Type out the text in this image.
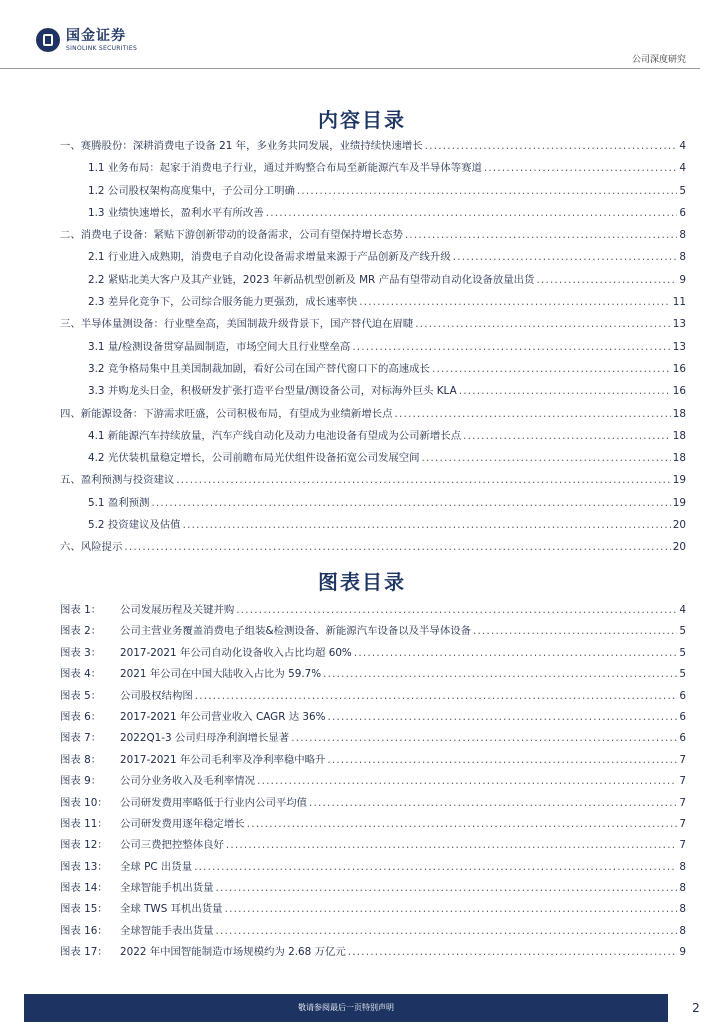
国金证券
SINOLINK SECURITIES
公司深度研究
内容目录
一、赛腾股份：深耕消费电子设备 21 年，多业务共同发展，业绩持续快速增长 .....	4
1.1 业务布局：起家于消费电子行业，通过并购整合布局至新能源汽车及半导体等赛道 .....	4
1.2 公司股权架构高度集中，子公司分工明确 .....	5
1.3 业绩快速增长，盈利水平有所改善 .....	6
二、消费电子设备：紧贴下游创新带动的设备需求，公司有望保持增长态势 .....	8
2.1 行业进入成熟期，消费电子自动化设备需求增量来源于产品创新及产线升级 .....	8
2.2 紧贴北美大客户及其产业链，2023 年新品机型创新及 MR 产品有望带动自动化设备放量出货 .....	9
2.3 差异化竞争下，公司综合服务能力更强劲，成长速率快 .....	11
三、半导体量测设备：行业壁垒高，美国制裁升级背景下，国产替代迫在眉睫 .....	13
3.1 量/检测设备贯穿晶圆制造，市场空间大且行业壁垒高 .....	13
3.2 竞争格局集中且美国制裁加剧，看好公司在国产替代窗口下的高速成长 .....	16
3.3 并购龙头日金，积极研发扩张打造平台型量/测设备公司，对标海外巨头 KLA .....	16
四、新能源设备：下游需求旺盛，公司积极布局，有望成为业绩新增长点 .....	18
4.1 新能源汽车持续放量，汽车产线自动化及动力电池设备有望成为公司新增长点 .....	18
4.2 光伏装机量稳定增长，公司前瞻布局光伏组件设备拓宽公司发展空间 .....	18
五、盈利预测与投资建议 .....	19
5.1 盈利预测 .....	19
5.2 投资建议及估值 .....	20
六、风险提示 .....	20
图表目录
图表 1： 公司发展历程及关键并购 .....	4
图表 2： 公司主营业务覆盖消费电子组装&检测设备、新能源汽车设备以及半导体设备 .....	5
图表 3： 2017-2021 年公司自动化设备收入占比均超 60% .....	5
图表 4： 2021 年公司在中国大陆收入占比为 59.7% .....	5
图表 5： 公司股权结构图 .....	6
图表 6： 2017-2021 年公司营业收入 CAGR 达 36% .....	6
图表 7： 2022Q1-3 公司归母净利润增长显著 .....	6
图表 8： 2017-2021 年公司毛利率及净利率稳中略升 .....	7
图表 9： 公司分业务收入及毛利率情况 .....	7
图表 10： 公司研发费用率略低于行业内公司平均值 .....	7
图表 11： 公司研发费用逐年稳定增长 .....	7
图表 12： 公司三费把控整体良好 .....	7
图表 13： 全球 PC 出货量 .....	8
图表 14： 全球智能手机出货量 .....	8
图表 15： 全球 TWS 耳机出货量 .....	8
图表 16： 全球智能手表出货量 .....	8
图表 17： 2022 年中国智能制造市场规模约为 2.68 万亿元 .....	9
敬请参阅最后一页特别声明	2
